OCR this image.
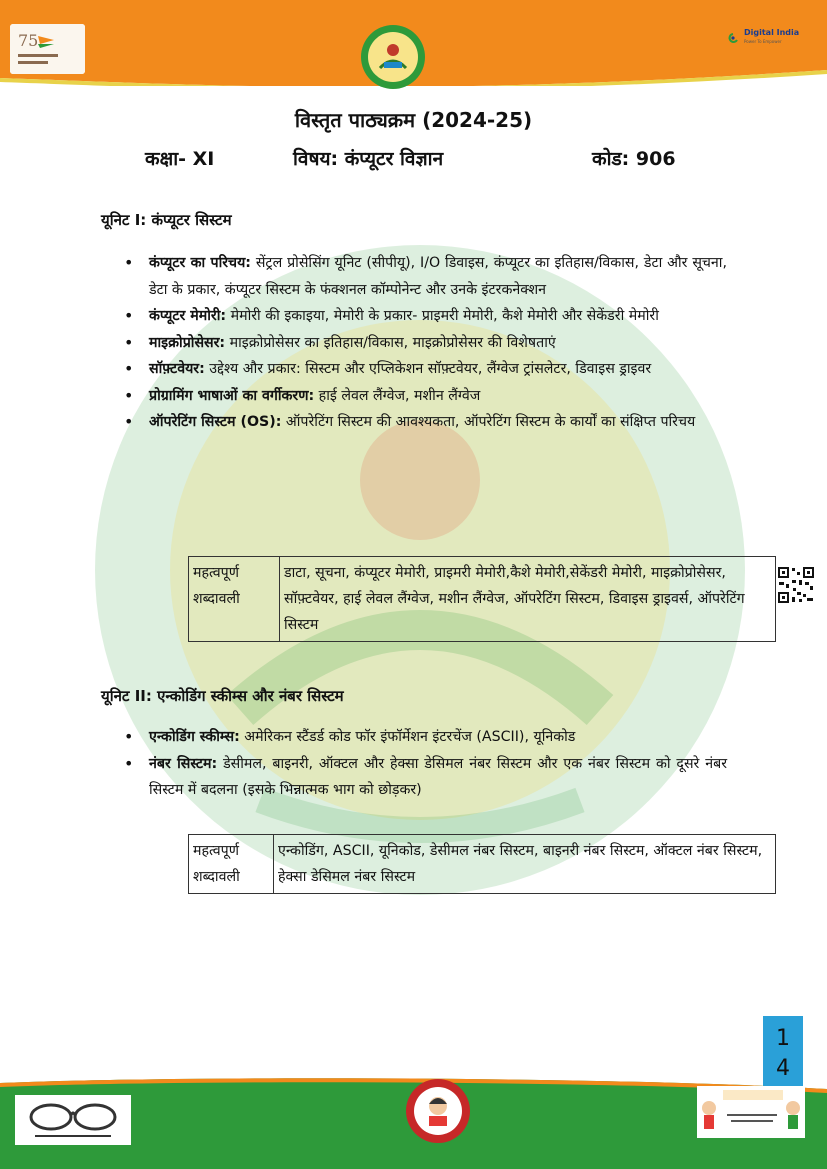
75	Digital India
Power To Empower
विस्तृत पाठ्यक्रम (2024-25)
कक्षा- XI	विषय: कंप्यूटर विज्ञान	कोड: 906
यूनिट I: कंप्यूटर सिस्टम
• कंप्यूटर का परिचय: सेंट्रल प्रोसेसिंग यूनिट (सीपीयू), I/O डिवाइस, कंप्यूटर का इतिहास/विकास, डेटा और सूचना, डेटा के प्रकार, कंप्यूटर सिस्टम के फंक्शनल कॉम्पोनेन्ट और उनके इंटरकनेक्शन
• कंप्यूटर मेमोरी: मेमोरी की इकाइया, मेमोरी के प्रकार- प्राइमरी मेमोरी, कैशे मेमोरी और सेकेंडरी मेमोरी
• माइक्रोप्रोसेसर: माइक्रोप्रोसेसर का इतिहास/विकास, माइक्रोप्रोसेसर की विशेषताएं
• सॉफ़्टवेयर: उद्देश्य और प्रकार: सिस्टम और एप्लिकेशन सॉफ़्टवेयर, लैंग्वेज ट्रांसलेटर, डिवाइस ड्राइवर
• प्रोग्रामिंग भाषाओं का वर्गीकरण: हाई लेवल लैंग्वेज, मशीन लैंग्वेज
• ऑपरेटिंग सिस्टम (OS): ऑपरेटिंग सिस्टम की आवश्यकता, ऑपरेटिंग सिस्टम के कार्यों का संक्षिप्त परिचय
महत्वपूर्ण शब्दावली	डाटा, सूचना, कंप्यूटर मेमोरी, प्राइमरी मेमोरी,कैशे मेमोरी,सेकेंडरी मेमोरी, माइक्रोप्रोसेसर, सॉफ़्टवेयर, हाई लेवल लैंग्वेज, मशीन लैंग्वेज, ऑपरेटिंग सिस्टम, डिवाइस ड्राइवर्स, ऑपरेटिंग सिस्टम
यूनिट II: एन्कोडिंग स्कीम्स और नंबर सिस्टम
• एन्कोडिंग स्कीम्स: अमेरिकन स्टैंडर्ड कोड फॉर इंफॉर्मेशन इंटरचेंज (ASCII), यूनिकोड
• नंबर सिस्टम: डेसीमल, बाइनरी, ऑक्टल और हेक्सा डेसिमल नंबर सिस्टम और एक नंबर सिस्टम को दूसरे नंबर सिस्टम में बदलना (इसके भिन्नात्मक भाग को छोड़कर)
महत्वपूर्ण शब्दावली	एन्कोडिंग, ASCII, यूनिकोड, डेसीमल नंबर सिस्टम, बाइनरी नंबर सिस्टम, ऑक्टल नंबर सिस्टम, हेक्सा डेसिमल नंबर सिस्टम
1
4
